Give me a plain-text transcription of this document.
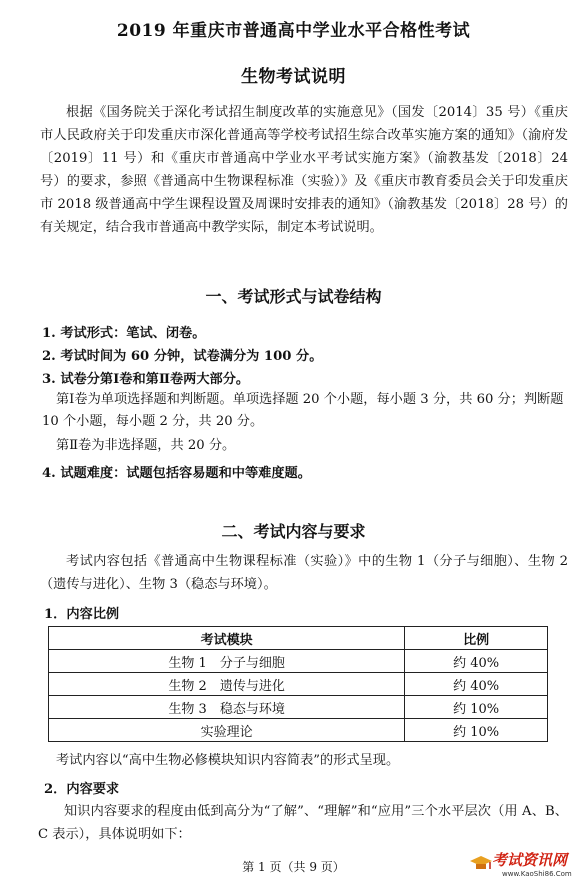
2019 年重庆市普通高中学业水平合格性考试
生物考试说明

根据《国务院关于深化考试招生制度改革的实施意见》（国发〔2014〕35 号）《重庆市人民政府关于印发重庆市深化普通高等学校考试招生综合改革实施方案的通知》（渝府发〔2019〕11 号）和《重庆市普通高中学业水平考试实施方案》（渝教基发〔2018〕24 号）的要求，参照《普通高中生物课程标准（实验）》及《重庆市教育委员会关于印发重庆市 2018 级普通高中学生课程设置及周课时安排表的通知》（渝教基发〔2018〕28 号）的有关规定，结合我市普通高中教学实际，制定本考试说明。

一、考试形式与试卷结构
1. 考试形式：笔试、闭卷。
2. 考试时间为 60 分钟，试卷满分为 100 分。
3. 试卷分第Ⅰ卷和第Ⅱ卷两大部分。
第Ⅰ卷为单项选择题和判断题。单项选择题 20 个小题，每小题 3 分，共 60 分；判断题 10 个小题，每小题 2 分，共 20 分。
第Ⅱ卷为非选择题，共 20 分。
4. 试题难度：试题包括容易题和中等难度题。
二、考试内容与要求

考试内容包括《普通高中生物课程标准（实验）》中的生物 1（分子与细胞）、生物 2（遗传与进化）、生物 3（稳态与环境）。

1．内容比例
考试模块	比例
生物 1　分子与细胞	约 40%
生物 2　遗传与进化	约 40%
生物 3　稳态与环境	约 10%
实验理论	约 10%
考试内容以“高中生物必修模块知识内容简表”的形式呈现。
2．内容要求

知识内容要求的程度由低到高分为“了解”、“理解”和“应用”三个水平层次（用 A、B、C 表示），具体说明如下：

第 1 页（共 9 页）	考试资讯网
www.KaoShi86.Com
